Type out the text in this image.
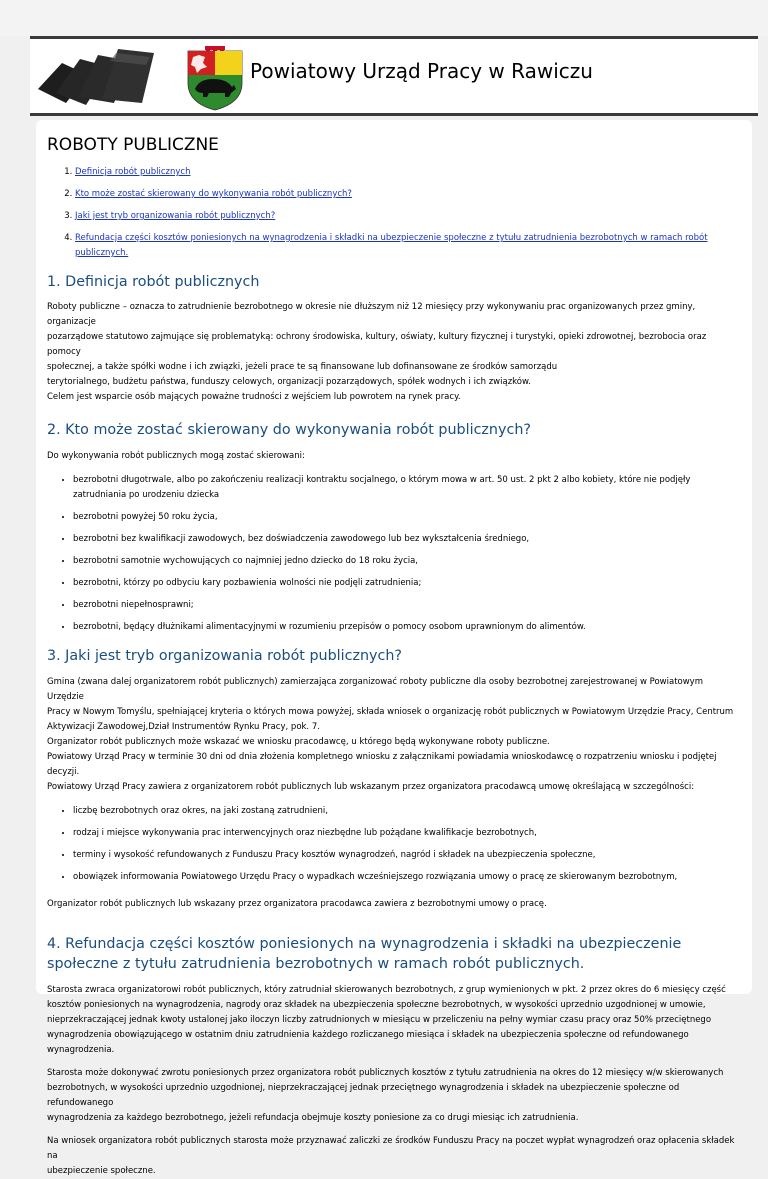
Powiatowy Urząd Pracy w Rawiczu
ROBOTY PUBLICZNE
1. Definicja robót publicznych
2. Kto może zostać skierowany do wykonywania robót publicznych?
3. Jaki jest tryb organizowania robót publicznych?
4. Refundacja części kosztów poniesionych na wynagrodzenia i składki na ubezpieczenie społeczne z tytułu zatrudnienia bezrobotnych w ramach robót publicznych.
1. Definicja robót publicznych

Roboty publiczne – oznacza to zatrudnienie bezrobotnego w okresie nie dłuższym niż 12 miesięcy przy wykonywaniu prac organizowanych przez gminy, organizacje
pozarządowe statutowo zajmujące się problematyką: ochrony środowiska, kultury, oświaty, kultury fizycznej i turystyki, opieki zdrowotnej, bezrobocia oraz pomocy
społecznej, a także spółki wodne i ich związki, jeżeli prace te są finansowane lub dofinansowane ze środków samorządu
terytorialnego, budżetu państwa, funduszy celowych, organizacji pozarządowych, spółek wodnych i ich związków.
Celem jest wsparcie osób mających poważne trudności z wejściem lub powrotem na rynek pracy.

2. Kto może zostać skierowany do wykonywania robót publicznych?

Do wykonywania robót publicznych mogą zostać skierowani:

• bezrobotni długotrwale, albo po zakończeniu realizacji kontraktu socjalnego, o którym mowa w art. 50 ust. 2 pkt 2 albo kobiety, które nie podjęły zatrudniania po urodzeniu dziecka
• bezrobotni powyżej 50 roku życia,
• bezrobotni bez kwalifikacji zawodowych, bez doświadczenia zawodowego lub bez wykształcenia średniego,
• bezrobotni samotnie wychowujących co najmniej jedno dziecko do 18 roku życia,
• bezrobotni, którzy po odbyciu kary pozbawienia wolności nie podjęli zatrudnienia;
• bezrobotni niepełnosprawni;
• bezrobotni, będący dłużnikami alimentacyjnymi w rozumieniu przepisów o pomocy osobom uprawnionym do alimentów.
3. Jaki jest tryb organizowania robót publicznych?

Gmina (zwana dalej organizatorem robót publicznych) zamierzająca zorganizować roboty publiczne dla osoby bezrobotnej zarejestrowanej w Powiatowym Urzędzie
Pracy w Nowym Tomyślu, spełniającej kryteria o których mowa powyżej, składa wniosek o organizację robót publicznych w Powiatowym Urzędzie Pracy, Centrum
Aktywizacji Zawodowej,Dział Instrumentów Rynku Pracy, pok. 7.
Organizator robót publicznych może wskazać we wniosku pracodawcę, u którego będą wykonywane roboty publiczne.
Powiatowy Urząd Pracy w terminie 30 dni od dnia złożenia kompletnego wniosku z załącznikami powiadamia wnioskodawcę o rozpatrzeniu wniosku i podjętej decyzji.
Powiatowy Urząd Pracy zawiera z organizatorem robót publicznych lub wskazanym przez organizatora pracodawcą umowę określającą w szczególności:

• liczbę bezrobotnych oraz okres, na jaki zostaną zatrudnieni,
• rodzaj i miejsce wykonywania prac interwencyjnych oraz niezbędne lub pożądane kwalifikacje bezrobotnych,
• terminy i wysokość refundowanych z Funduszu Pracy kosztów wynagrodzeń, nagród i składek na ubezpieczenia społeczne,
• obowiązek informowania Powiatowego Urzędu Pracy o wypadkach wcześniejszego rozwiązania umowy o pracę ze skierowanym bezrobotnym,

Organizator robót publicznych lub wskazany przez organizatora pracodawca zawiera z bezrobotnymi umowy o pracę.

4. Refundacja części kosztów poniesionych na wynagrodzenia i składki na ubezpieczenie społeczne z tytułu zatrudnienia bezrobotnych w ramach robót publicznych.

Starosta zwraca organizatorowi robót publicznych, który zatrudniał skierowanych bezrobotnych, z grup wymienionych w pkt. 2 przez okres do 6 miesięcy część
kosztów poniesionych na wynagrodzenia, nagrody oraz składek na ubezpieczenia społeczne bezrobotnych, w wysokości uprzednio uzgodnionej w umowie,
nieprzekraczającej jednak kwoty ustalonej jako iloczyn liczby zatrudnionych w miesiącu w przeliczeniu na pełny wymiar czasu pracy oraz 50% przeciętnego
wynagrodzenia obowiązującego w ostatnim dniu zatrudnienia każdego rozliczanego miesiąca i składek na ubezpieczenia społeczne od refundowanego wynagrodzenia.

Starosta może dokonywać zwrotu poniesionych przez organizatora robót publicznych kosztów z tytułu zatrudnienia na okres do 12 miesięcy w/w skierowanych
bezrobotnych, w wysokości uprzednio uzgodnionej, nieprzekraczającej jednak przeciętnego wynagrodzenia i składek na ubezpieczenie społeczne od refundowanego
wynagrodzenia za każdego bezrobotnego, jeżeli refundacja obejmuje koszty poniesione za co drugi miesiąc ich zatrudnienia.

Na wniosek organizatora robót publicznych starosta może przyznawać zaliczki ze środków Funduszu Pracy na poczet wypłat wynagrodzeń oraz opłacenia składek na
ubezpieczenie społeczne.
